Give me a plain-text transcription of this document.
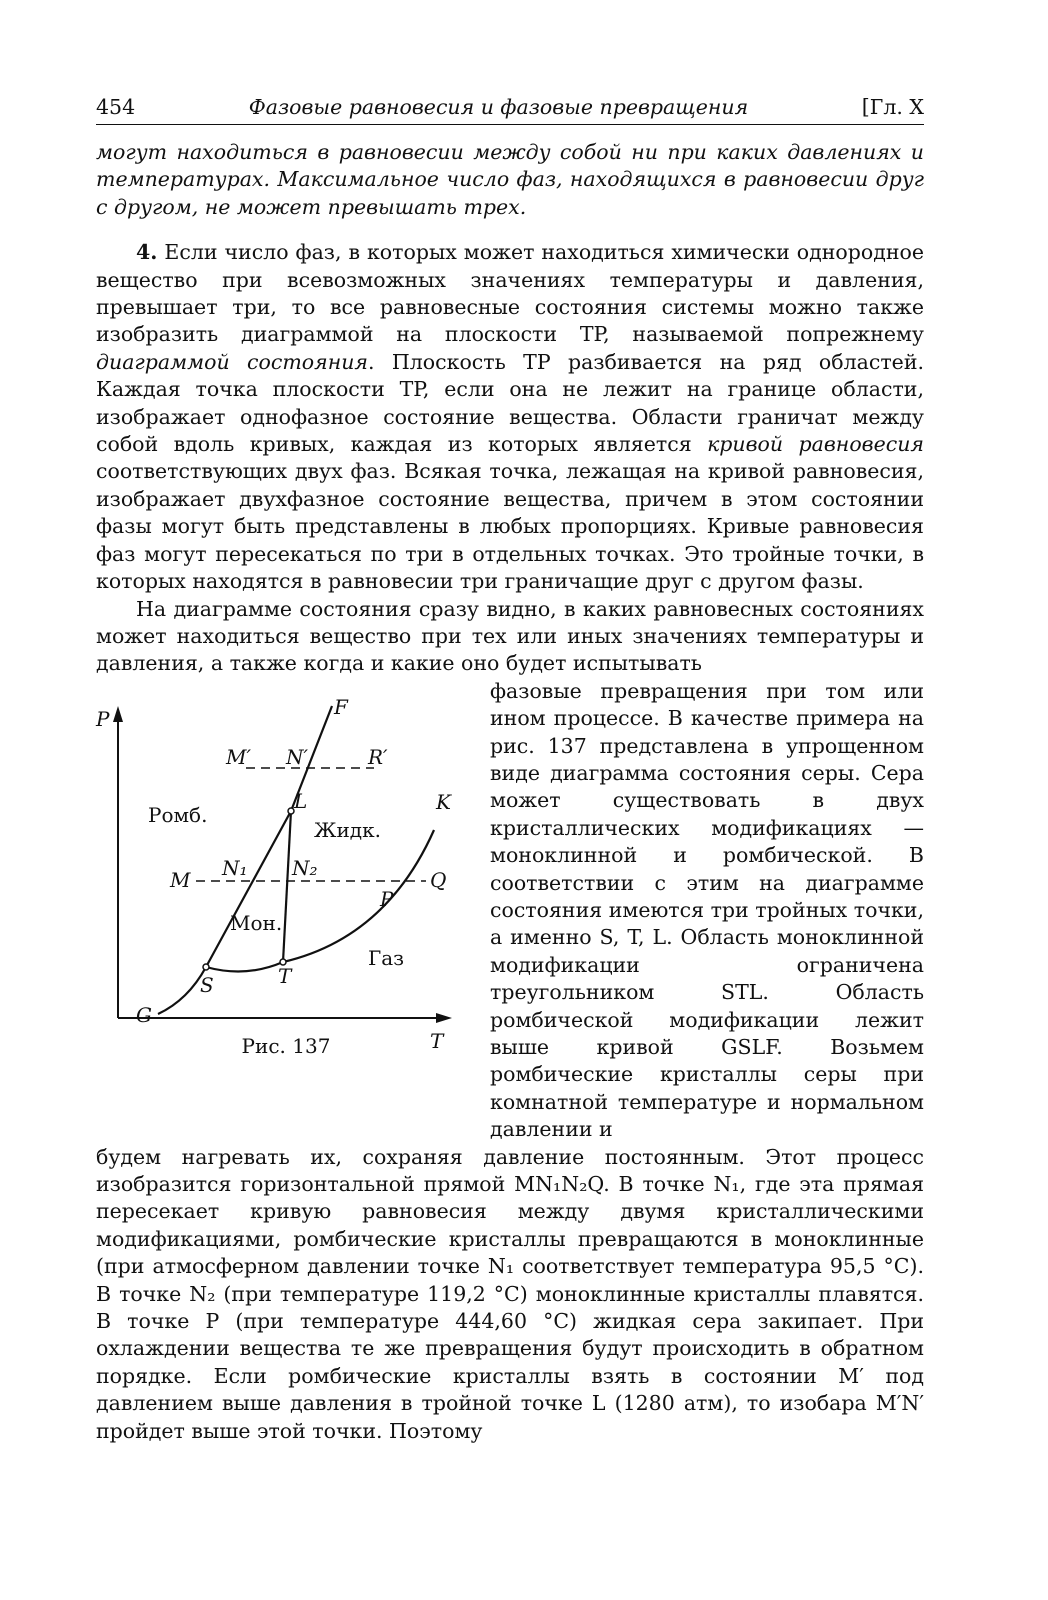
454	Фазовые равновесия и фазовые превращения	[Гл. X

могут находиться в равновесии между собой ни при каких давлениях и температурах. Максимальное число фаз, находящихся в равновесии друг с другом, не может превышать трех.

4. Если число фаз, в которых может находиться химически однородное вещество при всевозможных значениях температуры и давления, превышает три, то все равновесные состояния системы можно также изобразить диаграммой на плоскости TP, называемой попрежнему диаграммой состояния. Плоскость TP разбивается на ряд областей. Каждая точка плоскости TP, если она не лежит на границе области, изображает однофазное состояние вещества. Области граничат между собой вдоль кривых, каждая из которых является кривой равновесия соответствующих двух фаз. Всякая точка, лежащая на кривой равновесия, изображает двухфазное состояние вещества, причем в этом состоянии фазы могут быть представлены в любых пропорциях. Кривые равновесия фаз могут пересекаться по три в отдельных точках. Это тройные точки, в которых находятся в равновесии три граничащие друг с другом фазы.

На диаграмме состояния сразу видно, в каких равновесных состояниях может находиться вещество при тех или иных значениях температуры и давления, а также когда и какие оно будет испытывать

P
T
Ромб.
Жидк.
Мон.
Газ
F
K
L
M′ N′	R′
M N₁ N₂
P
Q
S	T
G
Рис. 137

фазовые превращения при том или ином процессе. В качестве примера на рис. 137 представлена в упрощенном виде диаграмма состояния серы. Сера может существовать в двух кристаллических модификациях — моноклинной и ромбической. В соответствии с этим на диаграмме состояния имеются три тройных точки, а именно S, T, L. Область моноклинной модификации ограничена треугольником STL. Область ромбической модификации лежит выше кривой GSLF. Возьмем ромбические кристаллы серы при комнатной температуре и нормальном давлении и

будем нагревать их, сохраняя давление постоянным. Этот процесс изобразится горизонтальной прямой MN₁N₂Q. В точке N₁, где эта прямая пересекает кривую равновесия между двумя кристаллическими модификациями, ромбические кристаллы превращаются в моноклинные (при атмосферном давлении точке N₁ соответствует температура 95,5 °C). В точке N₂ (при температуре 119,2 °C) моноклинные кристаллы плавятся. В точке P (при температуре 444,60 °C) жидкая сера закипает. При охлаждении вещества те же превращения будут происходить в обратном порядке. Если ромбические кристаллы взять в состоянии M′ под давлением выше давления в тройной точке L (1280 атм), то изобара M′N′ пройдет выше этой точки. Поэтому
